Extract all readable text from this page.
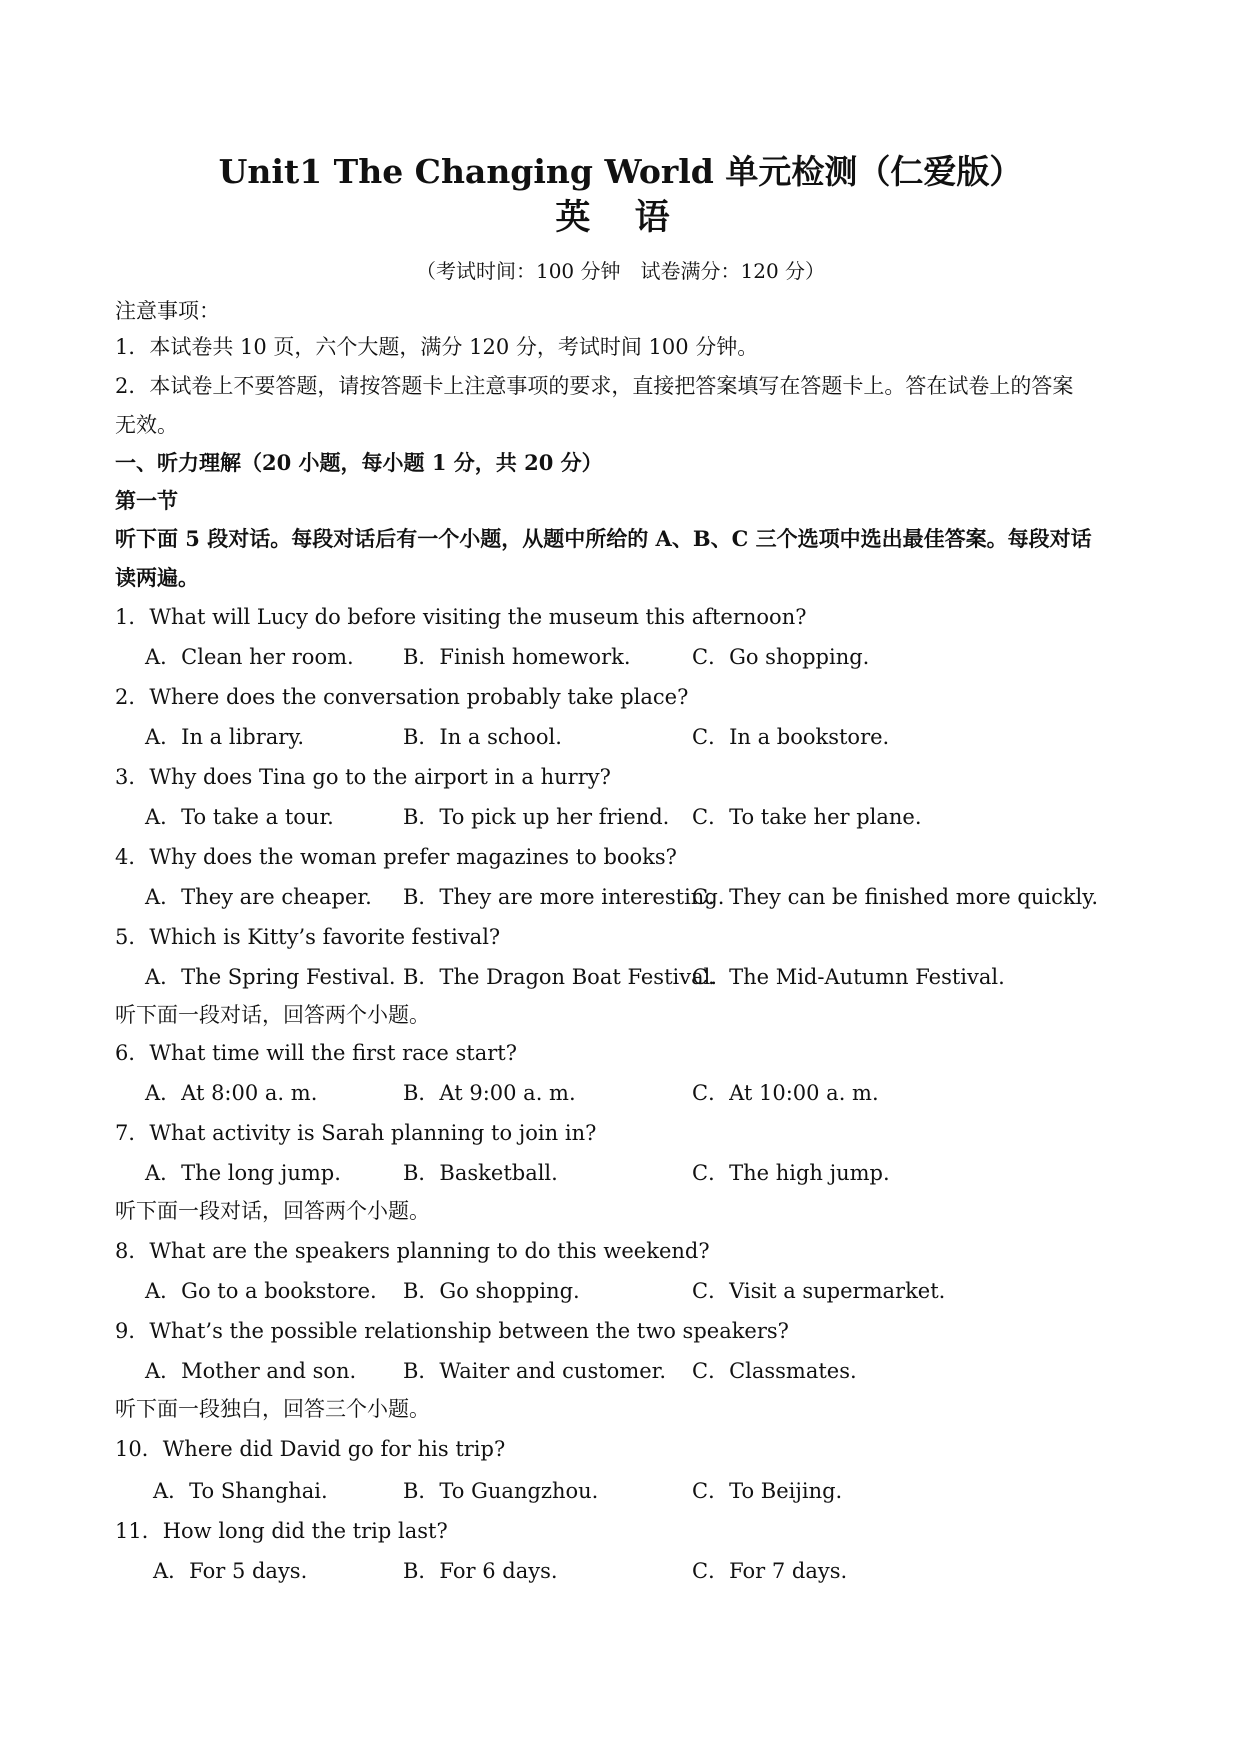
Unit1 The Changing World 单元检测（仁爱版）
英 语
（考试时间：100 分钟　试卷满分：120 分）
注意事项：
1．本试卷共 10 页，六个大题，满分 120 分，考试时间 100 分钟。
2．本试卷上不要答题，请按答题卡上注意事项的要求，直接把答案填写在答题卡上。答在试卷上的答案
无效。
一、听力理解（20 小题，每小题 1 分，共 20 分）
第一节
听下面 5 段对话。每段对话后有一个小题，从题中所给的 A、B、C 三个选项中选出最佳答案。每段对话
读两遍。
1．What will Lucy do before visiting the museum this afternoon?
A．Clean her room. B．Finish homework.	C．Go shopping.
2．Where does the conversation probably take place?
A．In a library.	B．In a school.	C．In a bookstore.
3．Why does Tina go to the airport in a hurry?
A．To take a tour.	B．To pick up her friend. C．To take her plane.
4．Why does the woman prefer magazines to books?
A．They are cheaper. B．They are more interesting.
C．They can be finished more quickly.
5．Which is Kitty’s favorite festival?
A．The Spring Festival. B．The Dragon Boat Festival.
C．The Mid-Autumn Festival.
听下面一段对话，回答两个小题。
6．What time will the first race start?
A．At 8:00 a. m.	B．At 9:00 a. m.	C．At 10:00 a. m.
7．What activity is Sarah planning to join in?
A．The long jump.	B．Basketball.	C．The high jump.
听下面一段对话，回答两个小题。
8．What are the speakers planning to do this weekend?
A．Go to a bookstore. B．Go shopping.	C．Visit a supermarket.
9．What’s the possible relationship between the two speakers?
A．Mother and son. B．Waiter and customer. C．Classmates.
听下面一段独白，回答三个小题。
10．Where did David go for his trip?
A．To Shanghai.	B．To Guangzhou.	C．To Beijing.
11．How long did the trip last?
A．For 5 days.	B．For 6 days.	C．For 7 days.
